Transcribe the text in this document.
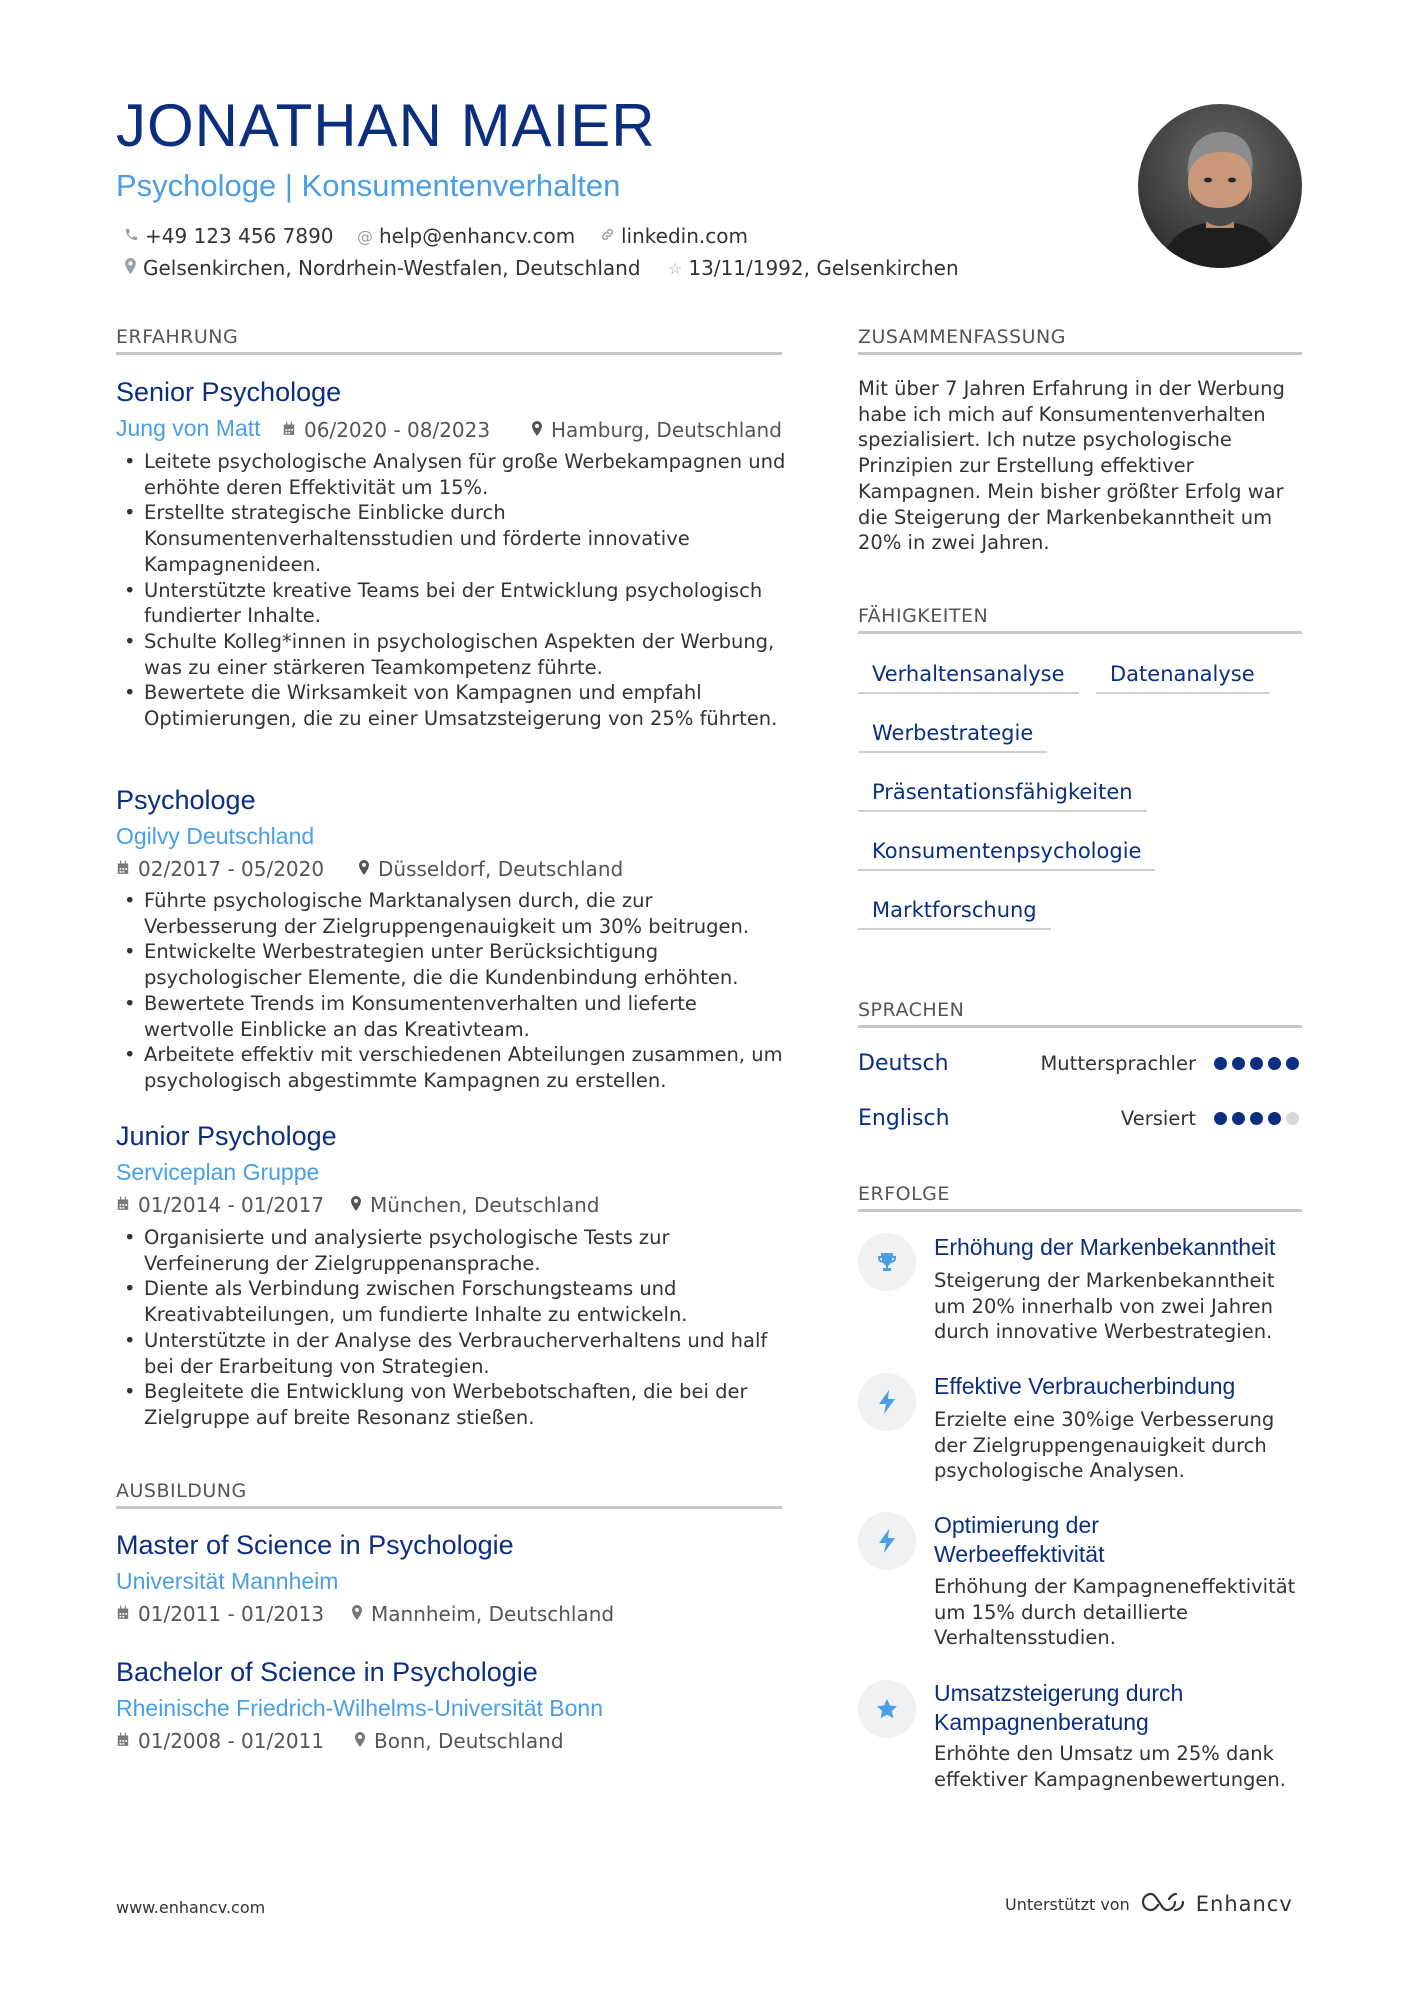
JONATHAN MAIER
Psychologe | Konsumentenverhalten
+49 123 456 7890 @ help@enhancv.com linkedin.com
Gelsenkirchen, Nordrhein-Westfalen, Deutschland ☆ 13/11/1992, Gelsenkirchen
ERFAHRUNG
Senior Psychologe
Jung von Matt 06/2020 - 08/2023	Hamburg, Deutschland
• Leitete psychologische Analysen für große Werbekampagnen und erhöhte deren Effektivität um 15%.
• Erstellte strategische Einblicke durch Konsumentenverhaltensstudien und förderte innovative Kampagnenideen.
• Unterstützte kreative Teams bei der Entwicklung psychologisch fundierter Inhalte.
• Schulte Kolleg*innen in psychologischen Aspekten der Werbung, was zu einer stärkeren Teamkompetenz führte.
• Bewertete die Wirksamkeit von Kampagnen und empfahl Optimierungen, die zu einer Umsatzsteigerung von 25% führten.
Psychologe
Ogilvy Deutschland
02/2017 - 05/2020	Düsseldorf, Deutschland
• Führte psychologische Marktanalysen durch, die zur Verbesserung der Zielgruppengenauigkeit um 30% beitrugen.
• Entwickelte Werbestrategien unter Berücksichtigung psychologischer Elemente, die die Kundenbindung erhöhten.
• Bewertete Trends im Konsumentenverhalten und lieferte wertvolle Einblicke an das Kreativteam.
• Arbeitete effektiv mit verschiedenen Abteilungen zusammen, um psychologisch abgestimmte Kampagnen zu erstellen.
Junior Psychologe
Serviceplan Gruppe
01/2014 - 01/2017 München, Deutschland
• Organisierte und analysierte psychologische Tests zur Verfeinerung der Zielgruppenansprache.
• Diente als Verbindung zwischen Forschungsteams und Kreativabteilungen, um fundierte Inhalte zu entwickeln.
• Unterstützte in der Analyse des Verbraucherverhaltens und half bei der Erarbeitung von Strategien.
• Begleitete die Entwicklung von Werbebotschaften, die bei der Zielgruppe auf breite Resonanz stießen.
AUSBILDUNG
Master of Science in Psychologie
Universität Mannheim
01/2011 - 01/2013 Mannheim, Deutschland
Bachelor of Science in Psychologie
Rheinische Friedrich-Wilhelms-Universität Bonn
01/2008 - 01/2011 Bonn, Deutschland
ZUSAMMENFASSUNG
Mit über 7 Jahren Erfahrung in der Werbung habe ich mich auf Konsumentenverhalten spezialisiert. Ich nutze psychologische Prinzipien zur Erstellung effektiver Kampagnen. Mein bisher größter Erfolg war die Steigerung der Markenbekanntheit um 20% in zwei Jahren.
FÄHIGKEITEN
Verhaltensanalyse	Datenanalyse
Werbestrategie
Präsentationsfähigkeiten
Konsumentenpsychologie
Marktforschung
SPRACHEN
Deutsch	Muttersprachler
Englisch	Versiert
ERFOLGE
Erhöhung der Markenbekanntheit
Steigerung der Markenbekanntheit um 20% innerhalb von zwei Jahren durch innovative Werbestrategien.
Effektive Verbraucherbindung
Erzielte eine 30%ige Verbesserung der Zielgruppengenauigkeit durch psychologische Analysen.
Optimierung der Werbeeffektivität
Erhöhung der Kampagneneffektivität um 15% durch detaillierte Verhaltensstudien.
Umsatzsteigerung durch Kampagnenberatung
Erhöhte den Umsatz um 25% dank effektiver Kampagnenbewertungen.
www.enhancv.com	Unterstützt von	Enhancv
